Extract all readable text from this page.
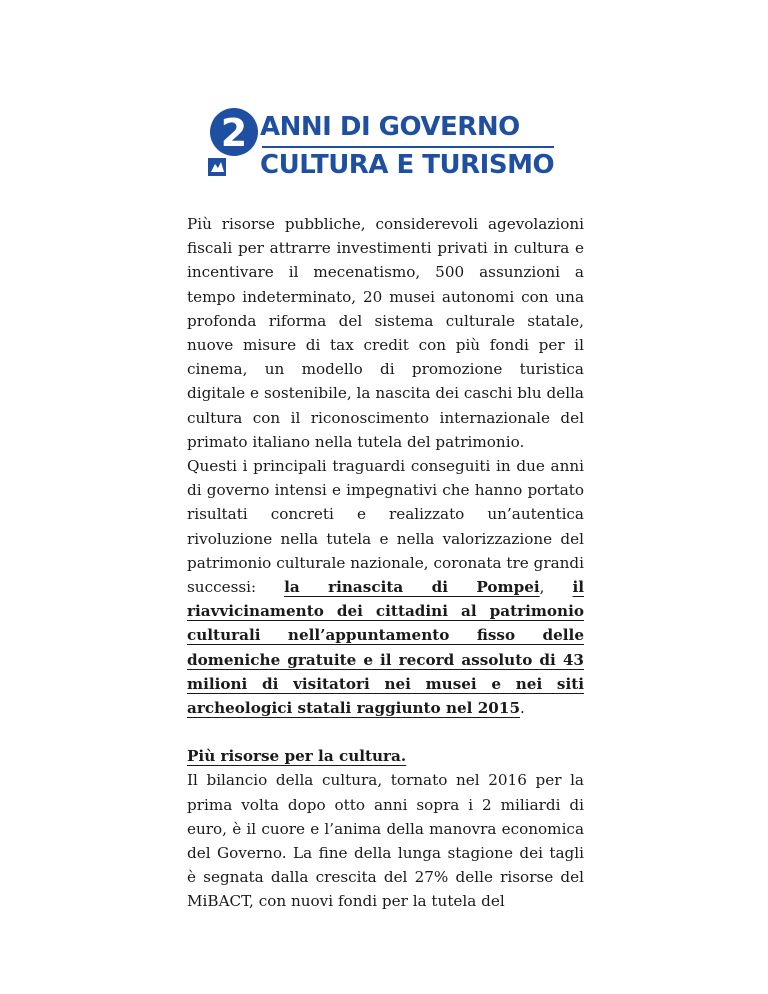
2 ANNI DI GOVERNO
CULTURA E TURISMO

Più risorse pubbliche, considerevoli agevolazioni fiscali per attrarre investimenti privati in cultura e incentivare il mecenatismo, 500 assunzioni a tempo indeterminato, 20 musei autonomi con una profonda riforma del sistema culturale statale, nuove misure di tax credit con più fondi per il cinema, un modello di promozione turistica digitale e sostenibile, la nascita dei caschi blu della cultura con il riconoscimento internazionale del primato italiano nella tutela del patrimonio.

Questi i principali traguardi conseguiti in due anni di governo intensi e impegnativi che hanno portato risultati concreti e realizzato un’autentica rivoluzione nella tutela e nella valorizzazione del patrimonio culturale nazionale, coronata tre grandi successi: la rinascita di Pompei, il riavvicinamento dei cittadini al patrimonio culturali nell’appuntamento fisso delle domeniche gratuite e il record assoluto di 43 milioni di visitatori nei musei e nei siti archeologici statali raggiunto nel 2015.

Più risorse per la cultura.

Il bilancio della cultura, tornato nel 2016 per la prima volta dopo otto anni sopra i 2 miliardi di euro, è il cuore e l’anima della manovra economica del Governo. La fine della lunga stagione dei tagli è segnata dalla crescita del 27% delle risorse del MiBACT, con nuovi fondi per la tutela del
